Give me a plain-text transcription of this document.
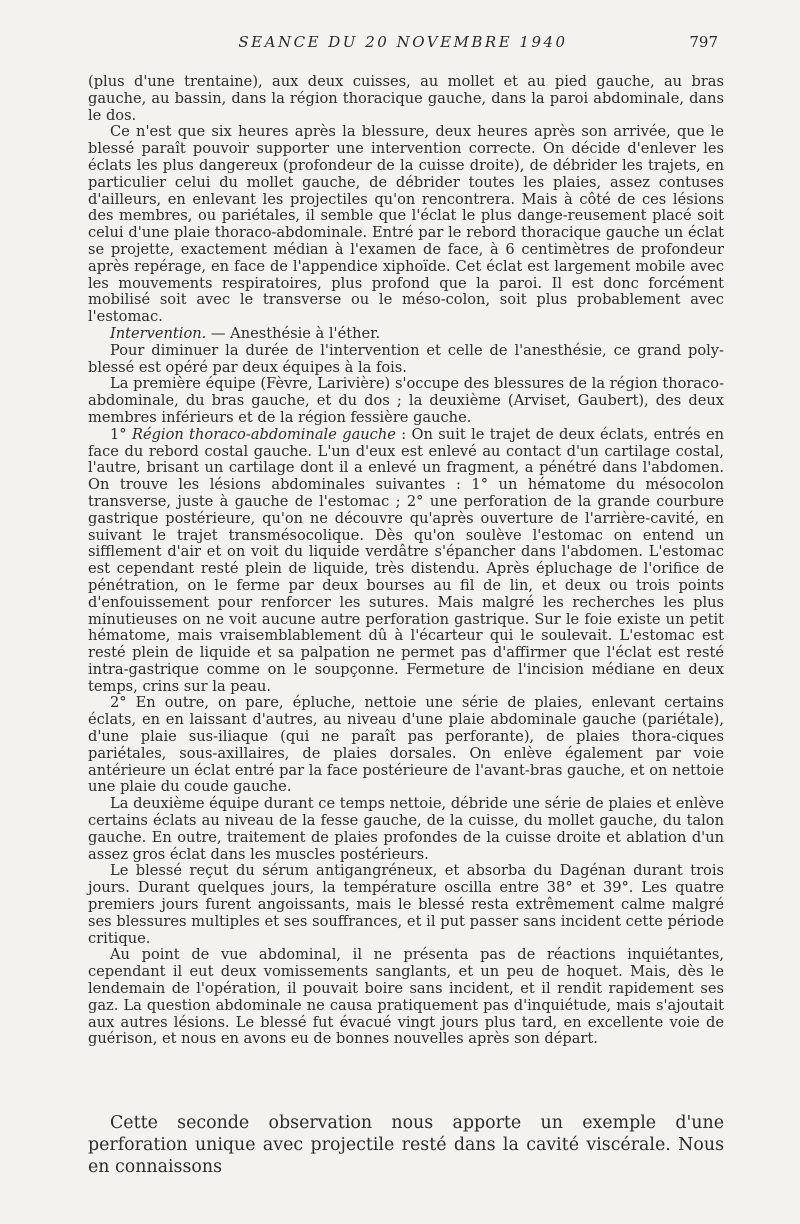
SEANCE DU 20 NOVEMBRE 1940	797

(plus d'une trentaine), aux deux cuisses, au mollet et au pied gauche, au bras gauche, au bassin, dans la région thoracique gauche, dans la paroi abdominale, dans le dos.

Ce n'est que six heures après la blessure, deux heures après son arrivée, que le blessé paraît pouvoir supporter une intervention correcte. On décide d'enlever les éclats les plus dangereux (profondeur de la cuisse droite), de débrider les trajets, en particulier celui du mollet gauche, de débrider toutes les plaies, assez contuses d'ailleurs, en enlevant les projectiles qu'on rencontrera. Mais à côté de ces lésions des membres, ou pariétales, il semble que l'éclat le plus dange-reusement placé soit celui d'une plaie thoraco-abdominale. Entré par le rebord thoracique gauche un éclat se projette, exactement médian à l'examen de face, à 6 centimètres de profondeur après repérage, en face de l'appendice xiphoïde. Cet éclat est largement mobile avec les mouvements respiratoires, plus profond que la paroi. Il est donc forcément mobilisé soit avec le transverse ou le méso-colon, soit plus probablement avec l'estomac.

Intervention. — Anesthésie à l'éther.

Pour diminuer la durée de l'intervention et celle de l'anesthésie, ce grand poly-blessé est opéré par deux équipes à la fois.

La première équipe (Fèvre, Larivière) s'occupe des blessures de la région thoraco-abdominale, du bras gauche, et du dos ; la deuxième (Arviset, Gaubert), des deux membres inférieurs et de la région fessière gauche.

1° Région thoraco-abdominale gauche : On suit le trajet de deux éclats, entrés en face du rebord costal gauche. L'un d'eux est enlevé au contact d'un cartilage costal, l'autre, brisant un cartilage dont il a enlevé un fragment, a pénétré dans l'abdomen. On trouve les lésions abdominales suivantes : 1° un hématome du mésocolon transverse, juste à gauche de l'estomac ; 2° une perforation de la grande courbure gastrique postérieure, qu'on ne découvre qu'après ouverture de l'arrière-cavité, en suivant le trajet transmésocolique. Dès qu'on soulève l'estomac on entend un sifflement d'air et on voit du liquide verdâtre s'épancher dans l'abdomen. L'estomac est cependant resté plein de liquide, très distendu. Après épluchage de l'orifice de pénétration, on le ferme par deux bourses au fil de lin, et deux ou trois points d'enfouissement pour renforcer les sutures. Mais malgré les recherches les plus minutieuses on ne voit aucune autre perforation gastrique. Sur le foie existe un petit hématome, mais vraisemblablement dû à l'écarteur qui le soulevait. L'estomac est resté plein de liquide et sa palpation ne permet pas d'affirmer que l'éclat est resté intra-gastrique comme on le soupçonne. Fermeture de l'incision médiane en deux temps, crins sur la peau.

2° En outre, on pare, épluche, nettoie une série de plaies, enlevant certains éclats, en en laissant d'autres, au niveau d'une plaie abdominale gauche (pariétale), d'une plaie sus-iliaque (qui ne paraît pas perforante), de plaies thora-ciques pariétales, sous-axillaires, de plaies dorsales. On enlève également par voie antérieure un éclat entré par la face postérieure de l'avant-bras gauche, et on nettoie une plaie du coude gauche.

La deuxième équipe durant ce temps nettoie, débride une série de plaies et enlève certains éclats au niveau de la fesse gauche, de la cuisse, du mollet gauche, du talon gauche. En outre, traitement de plaies profondes de la cuisse droite et ablation d'un assez gros éclat dans les muscles postérieurs.

Le blessé reçut du sérum antigangréneux, et absorba du Dagénan durant trois jours. Durant quelques jours, la température oscilla entre 38° et 39°. Les quatre premiers jours furent angoissants, mais le blessé resta extrêmement calme malgré ses blessures multiples et ses souffrances, et il put passer sans incident cette période critique.

Au point de vue abdominal, il ne présenta pas de réactions inquiétantes, cependant il eut deux vomissements sanglants, et un peu de hoquet. Mais, dès le lendemain de l'opération, il pouvait boire sans incident, et il rendit rapidement ses gaz. La question abdominale ne causa pratiquement pas d'inquiétude, mais s'ajoutait aux autres lésions. Le blessé fut évacué vingt jours plus tard, en excellente voie de guérison, et nous en avons eu de bonnes nouvelles après son départ.

Cette seconde observation nous apporte un exemple d'une perforation unique avec projectile resté dans la cavité viscérale. Nous en connaissons
